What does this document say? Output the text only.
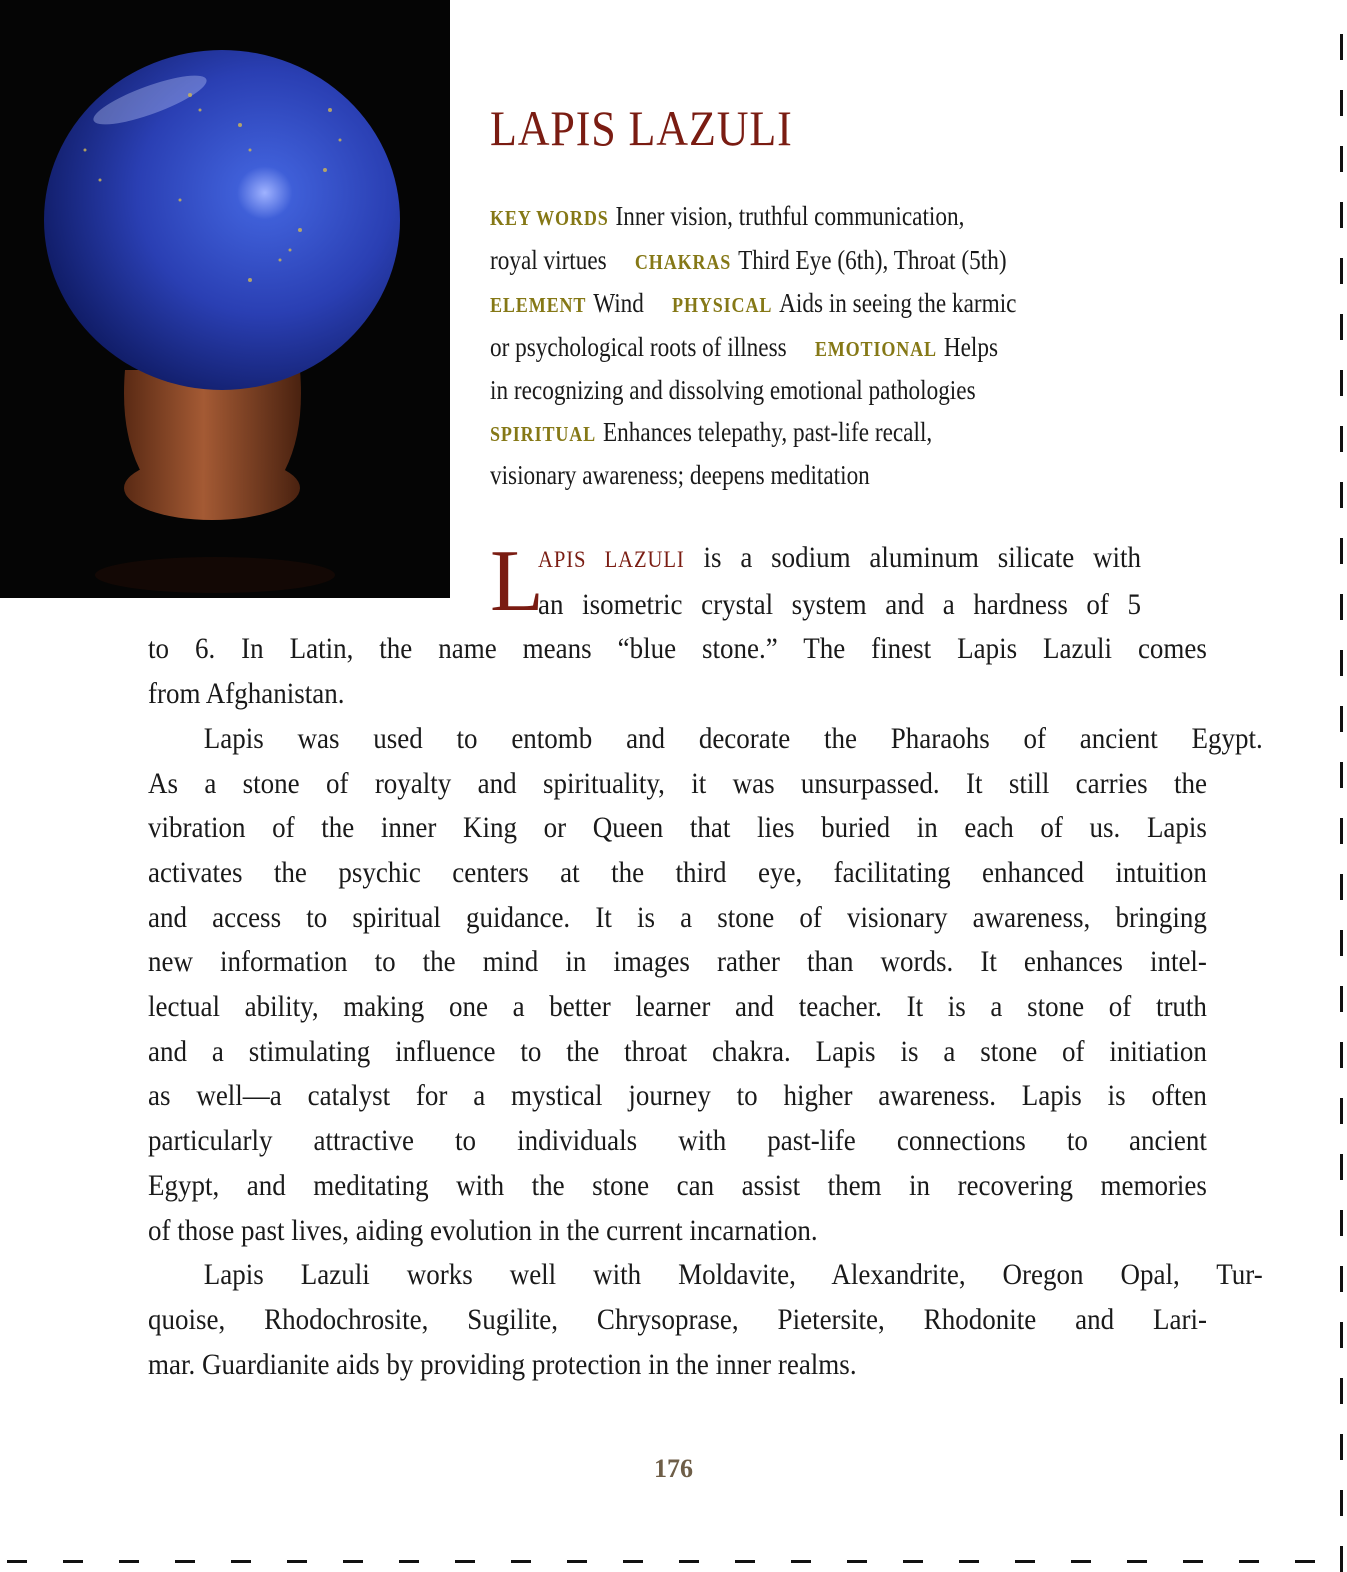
LAPIS LAZULI
KEY WORDS Inner vision, truthful communication,
royal virtues CHAKRAS Third Eye (6th), Throat (5th)
ELEMENT Wind PHYSICAL Aids in seeing the karmic
or psychological roots of illness EMOTIONAL Helps
in recognizing and dissolving emotional pathologies
SPIRITUAL Enhances telepathy, past-life recall,
visionary awareness; deepens meditation
L
APIS LAZULI is a sodium aluminum silicate with
an isometric crystal system and a hardness of 5
to 6. In Latin, the name means “blue stone.” The finest Lapis Lazuli comes
from Afghanistan.
Lapis was used to entomb and decorate the Pharaohs of ancient Egypt.
As a stone of royalty and spirituality, it was unsurpassed. It still carries the
vibration of the inner King or Queen that lies buried in each of us. Lapis
activates the psychic centers at the third eye, facilitating enhanced intuition
and access to spiritual guidance. It is a stone of visionary awareness, bringing
new information to the mind in images rather than words. It enhances intel-
lectual ability, making one a better learner and teacher. It is a stone of truth
and a stimulating influence to the throat chakra. Lapis is a stone of initiation
as well—a catalyst for a mystical journey to higher awareness. Lapis is often
particularly attractive to individuals with past-life connections to ancient
Egypt, and meditating with the stone can assist them in recovering memories
of those past lives, aiding evolution in the current incarnation.
Lapis Lazuli works well with Moldavite, Alexandrite, Oregon Opal, Tur-
quoise, Rhodochrosite, Sugilite, Chrysoprase, Pietersite, Rhodonite and Lari-
mar. Guardianite aids by providing protection in the inner realms.
176
